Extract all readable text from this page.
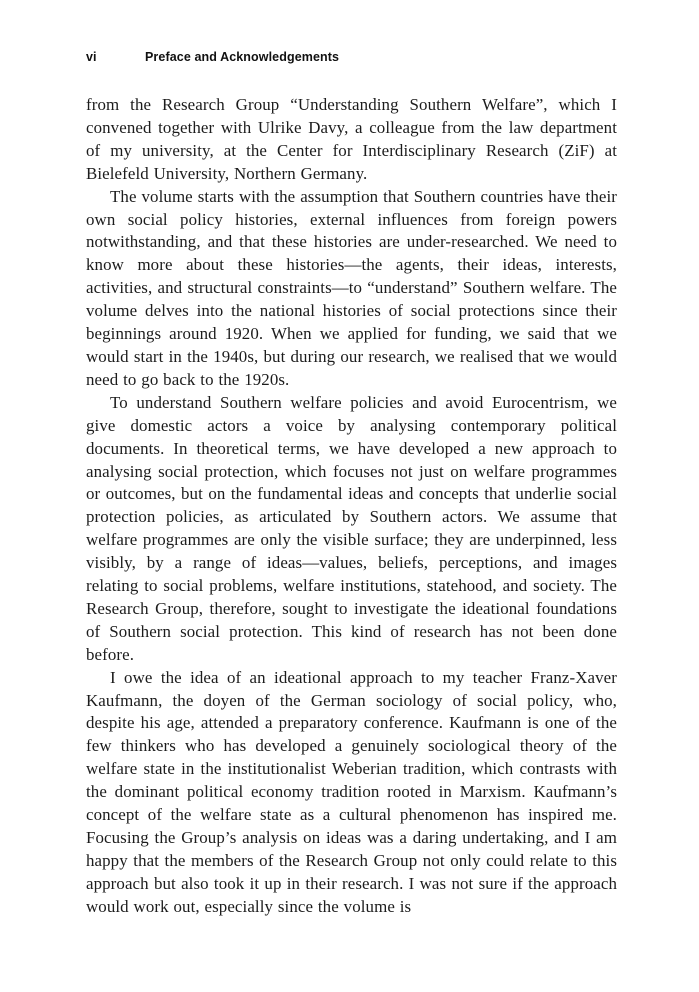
vi	Preface and Acknowledgements

from the Research Group “Understanding Southern Welfare”, which I convened together with Ulrike Davy, a colleague from the law department of my university, at the Center for Interdisciplinary Research (ZiF) at Bielefeld University, Northern Germany.

The volume starts with the assumption that Southern countries have their own social policy histories, external influences from foreign powers notwithstanding, and that these histories are under-researched. We need to know more about these histories—the agents, their ideas, interests, activities, and structural constraints—to “understand” Southern welfare. The volume delves into the national histories of social protections since their beginnings around 1920. When we applied for funding, we said that we would start in the 1940s, but during our research, we realised that we would need to go back to the 1920s.

To understand Southern welfare policies and avoid Eurocentrism, we give domestic actors a voice by analysing contemporary political documents. In theoretical terms, we have developed a new approach to analysing social protection, which focuses not just on welfare programmes or outcomes, but on the fundamental ideas and concepts that underlie social protection policies, as articulated by Southern actors. We assume that welfare programmes are only the visible surface; they are underpinned, less visibly, by a range of ideas—values, beliefs, perceptions, and images relating to social problems, welfare institutions, statehood, and society. The Research Group, therefore, sought to investigate the ideational foundations of Southern social protection. This kind of research has not been done before.

I owe the idea of an ideational approach to my teacher Franz-Xaver Kaufmann, the doyen of the German sociology of social policy, who, despite his age, attended a preparatory conference. Kaufmann is one of the few thinkers who has developed a genuinely sociological theory of the welfare state in the institutionalist Weberian tradition, which contrasts with the dominant political economy tradition rooted in Marxism. Kaufmann’s concept of the welfare state as a cultural phenomenon has inspired me. Focusing the Group’s analysis on ideas was a daring undertaking, and I am happy that the members of the Research Group not only could relate to this approach but also took it up in their research. I was not sure if the approach would work out, especially since the volume is
